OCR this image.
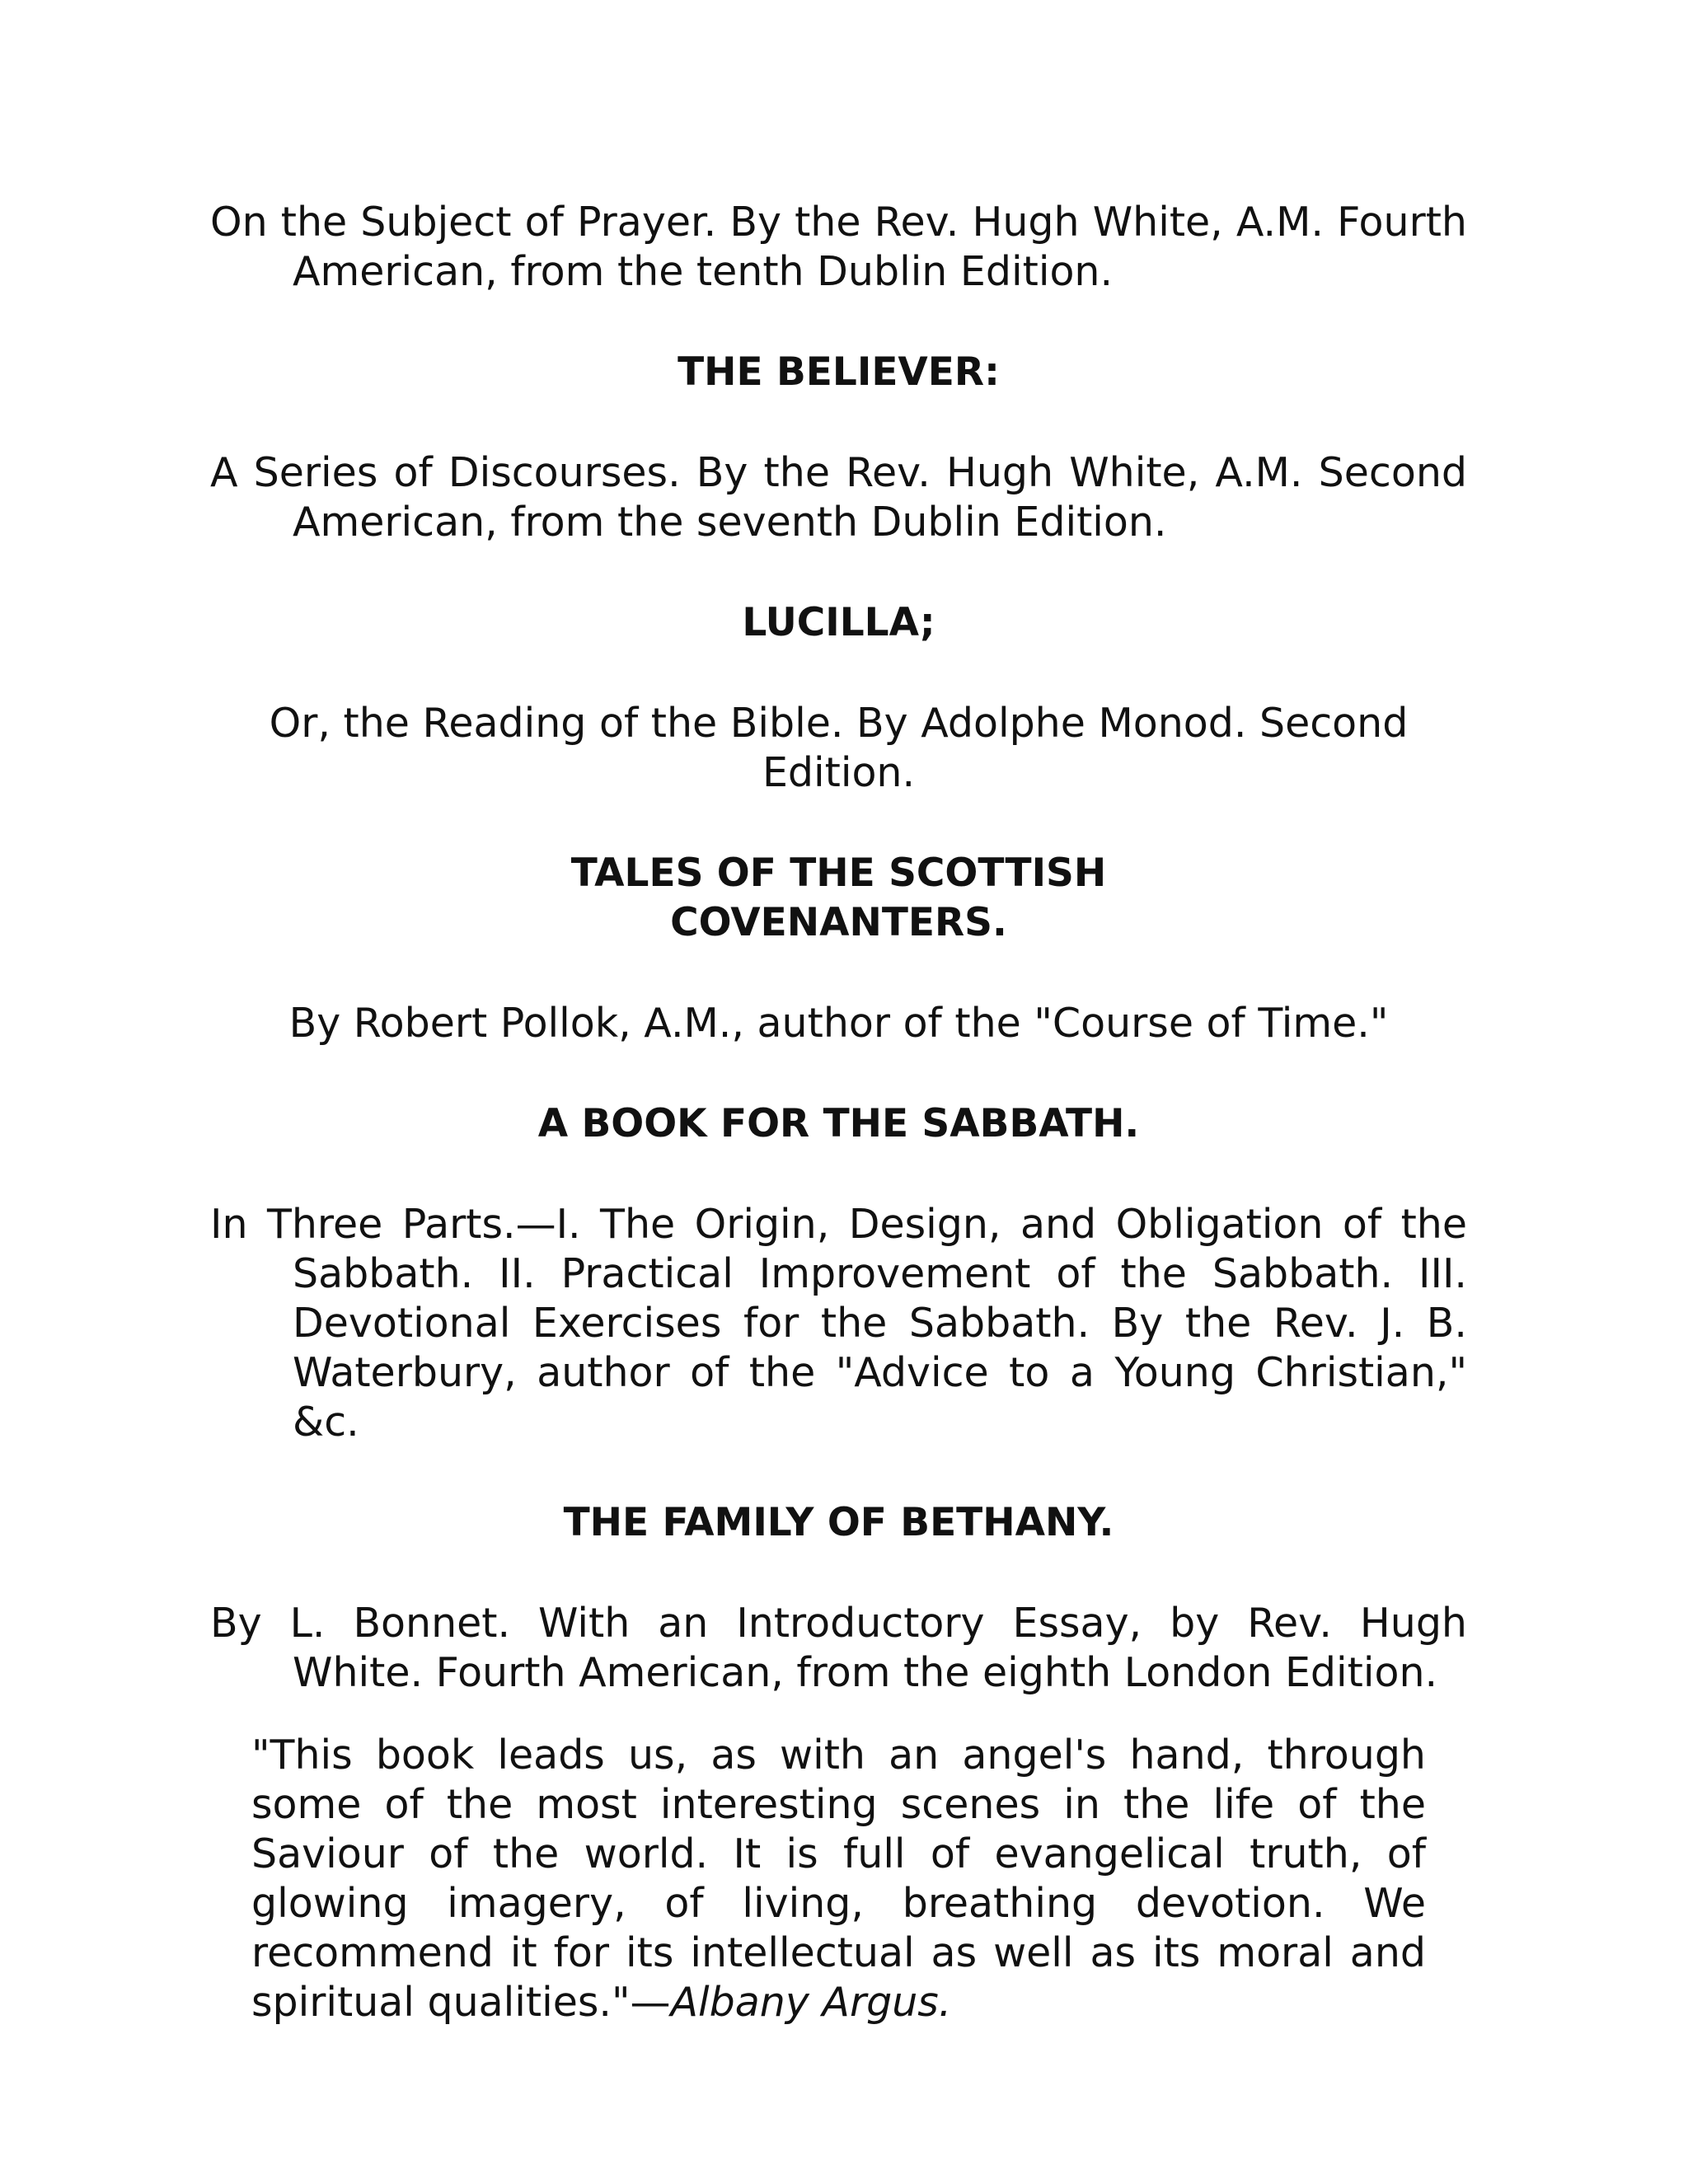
On the Subject of Prayer. By the Rev. Hugh White, A.M. Fourth American, from the tenth Dublin Edition.

THE BELIEVER:

A Series of Discourses. By the Rev. Hugh White, A.M. Second American, from the seventh Dublin Edition.

LUCILLA;

Or, the Reading of the Bible. By Adolphe Monod. Second Edition.

TALES OF THE SCOTTISH

COVENANTERS.

By Robert Pollok, A.M., author of the "Course of Time."

A BOOK FOR THE SABBATH.

In Three Parts.—I. The Origin, Design, and Obligation of the Sabbath. II. Practical Improvement of the Sabbath. III. Devotional Exercises for the Sabbath. By the Rev. J. B. Waterbury, author of the "Advice to a Young Christian," &c.

THE FAMILY OF BETHANY.

By L. Bonnet. With an Introductory Essay, by Rev. Hugh White. Fourth American, from the eighth London Edition.

"This book leads us, as with an angel's hand, through some of the most interesting scenes in the life of the Saviour of the world. It is full of evangelical truth, of glowing imagery, of living, breathing devotion. We recommend it for its intellectual as well as its moral and spiritual qualities."—Albany Argus.
